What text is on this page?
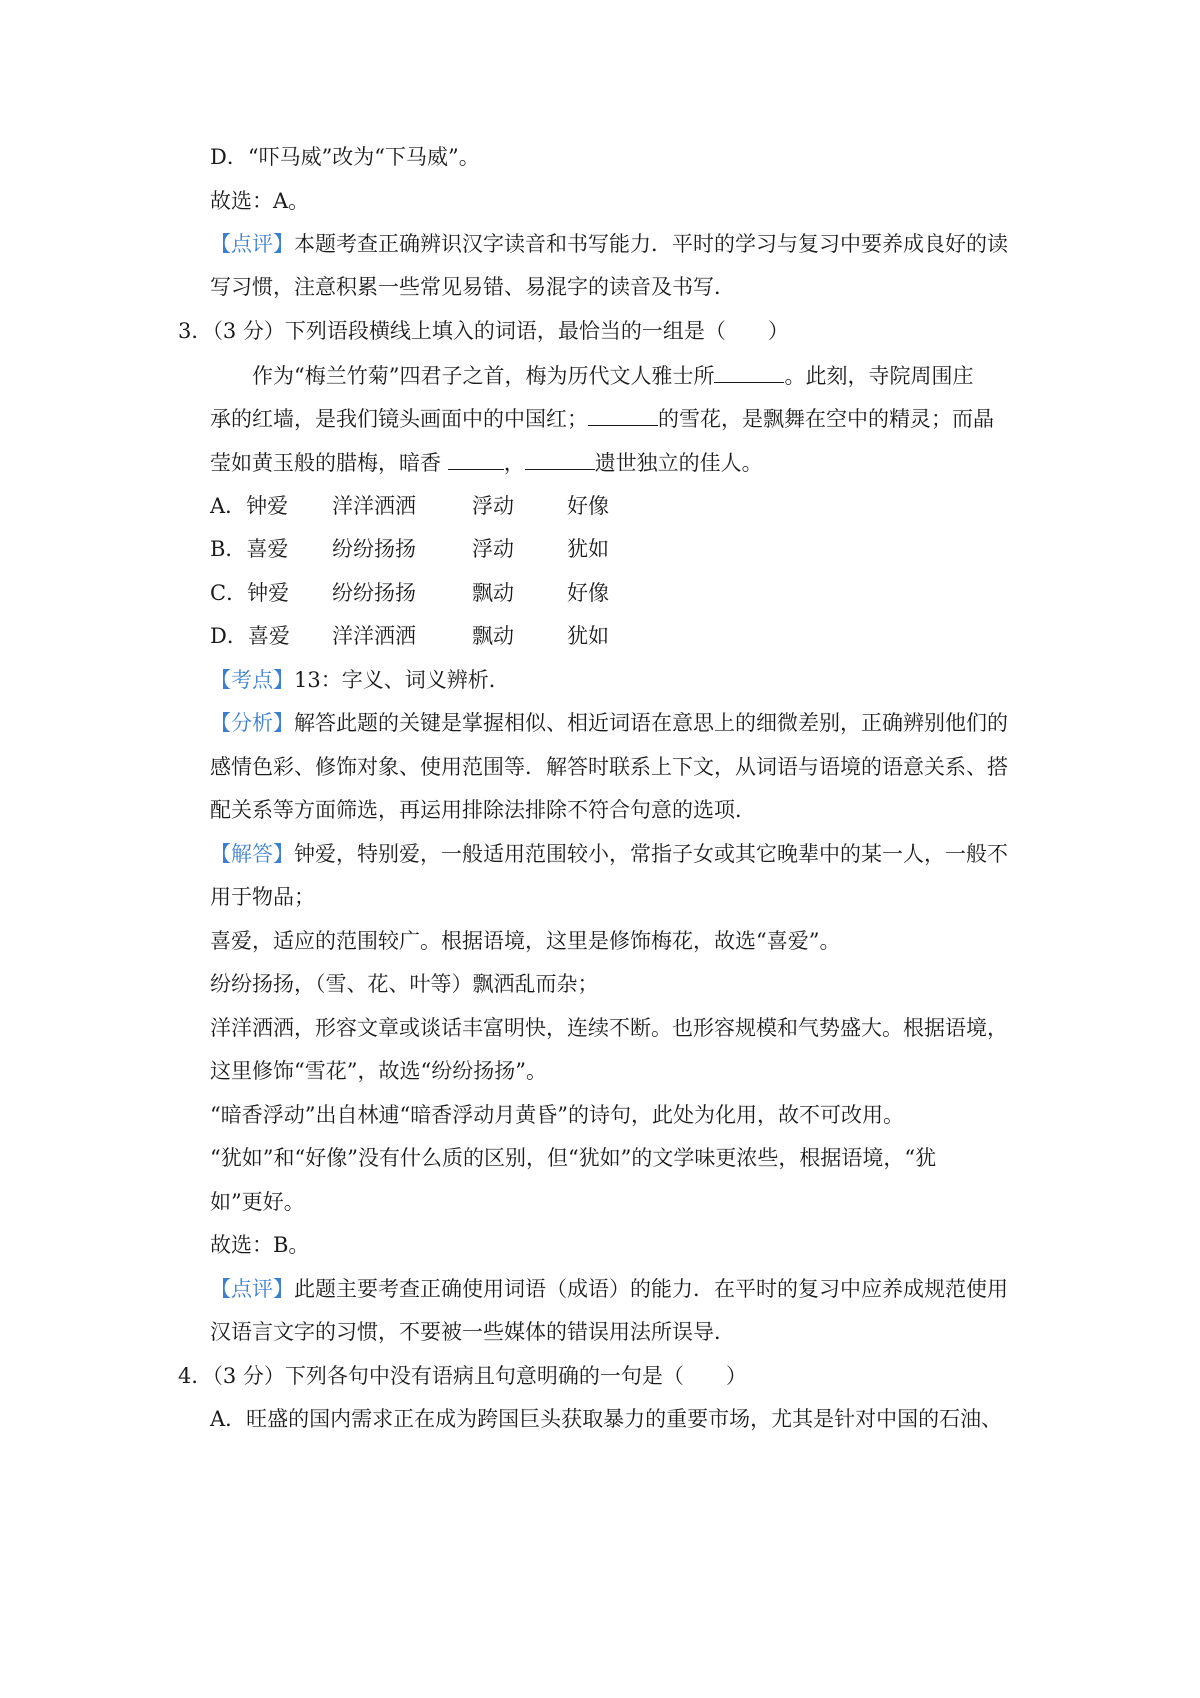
D．“吓马威”改为“下马威”。
故选：A。
【点评】本题考查正确辨识汉字读音和书写能力．平时的学习与复习中要养成良好的读
写习惯，注意积累一些常见易错、易混字的读音及书写．
3．（3 分）下列语段横线上填入的词语，最恰当的一组是（　　）
作为“梅兰竹菊”四君子之首，梅为历代文人雅士所	。此刻，寺院周围庄
承的红墙，是我们镜头画面中的中国红；	的雪花，是飘舞在空中的精灵；而晶
莹如黄玉般的腊梅，暗香	，	遗世独立的佳人。
A．钟爱 洋洋洒洒	浮动	好像
B．喜爱 纷纷扬扬	浮动	犹如
C．钟爱 纷纷扬扬	飘动	好像
D．喜爱 洋洋洒洒	飘动	犹如
【考点】13：字义、词义辨析．
【分析】解答此题的关键是掌握相似、相近词语在意思上的细微差别，正确辨别他们的
感情色彩、修饰对象、使用范围等．解答时联系上下文，从词语与语境的语意关系、搭
配关系等方面筛选，再运用排除法排除不符合句意的选项．
【解答】钟爱，特别爱，一般适用范围较小，常指子女或其它晚辈中的某一人，一般不
用于物品；
喜爱，适应的范围较广。根据语境，这里是修饰梅花，故选“喜爱”。
纷纷扬扬，（雪、花、叶等）飘洒乱而杂；
洋洋洒洒，形容文章或谈话丰富明快，连续不断。也形容规模和气势盛大。根据语境，
这里修饰“雪花”，故选“纷纷扬扬”。
“暗香浮动”出自林逋“暗香浮动月黄昏”的诗句，此处为化用，故不可改用。
“犹如”和“好像”没有什么质的区别，但“犹如”的文学味更浓些，根据语境，“犹
如”更好。
故选：B。
【点评】此题主要考查正确使用词语（成语）的能力．在平时的复习中应养成规范使用
汉语言文字的习惯，不要被一些媒体的错误用法所误导．
4．（3 分）下列各句中没有语病且句意明确的一句是（　　）
A．旺盛的国内需求正在成为跨国巨头获取暴力的重要市场，尤其是针对中国的石油、
